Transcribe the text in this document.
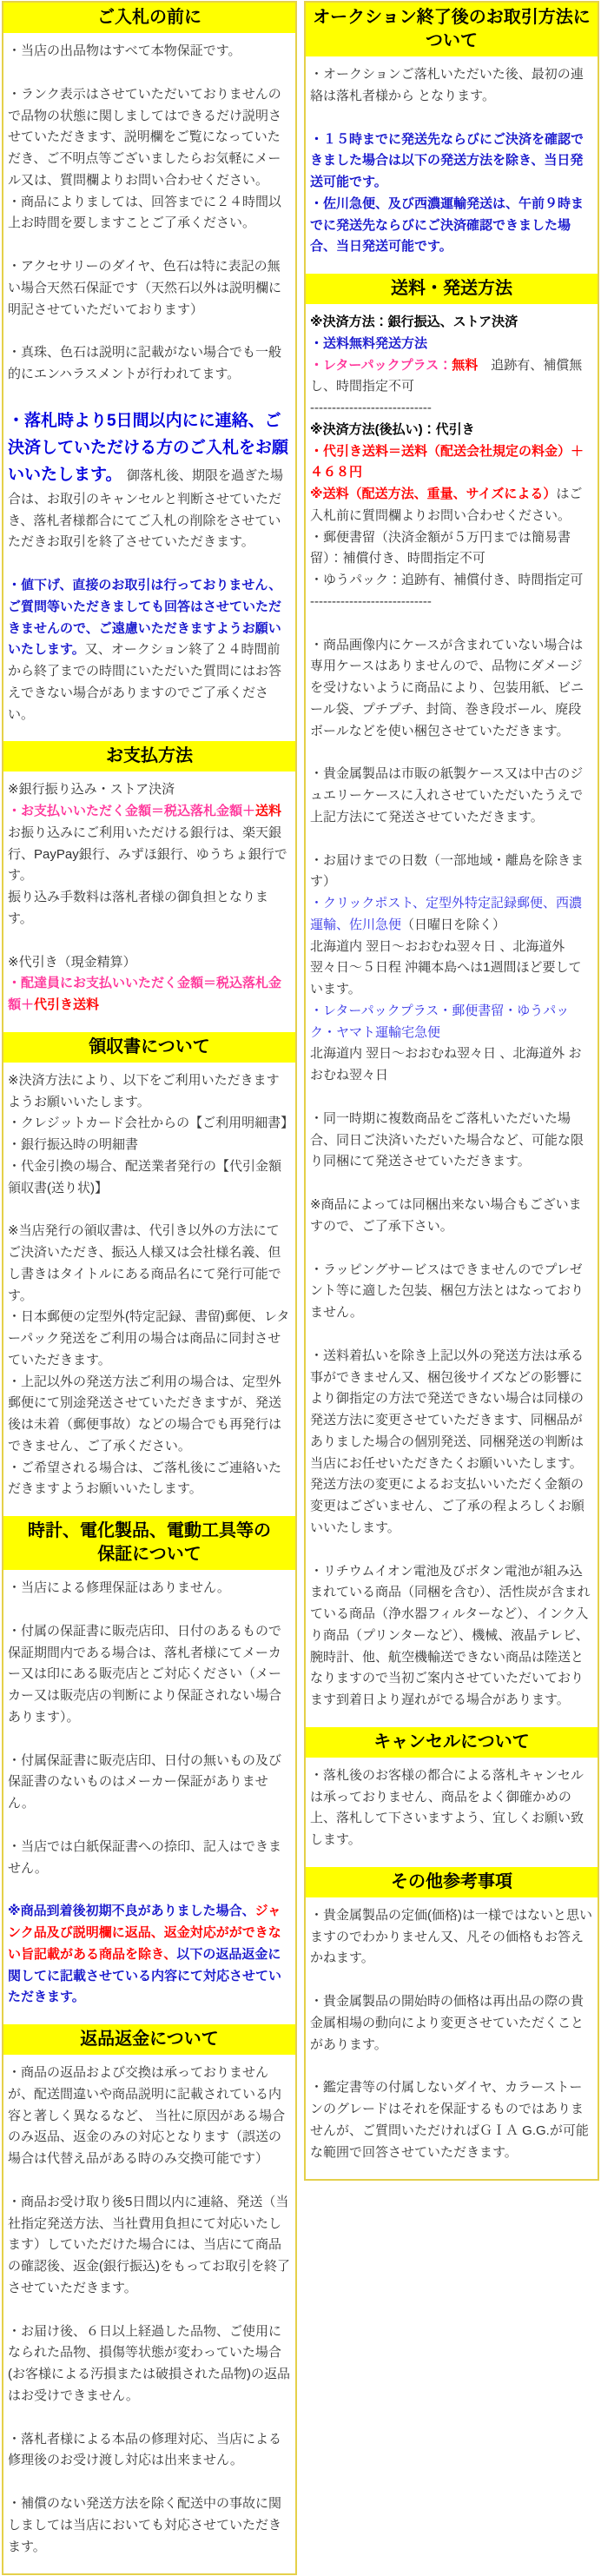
ご入札の前に

・当店の出品物はすべて本物保証です。

・ランク表示はさせていただいておりませんので品物の状態に関しましてはできるだけ説明させていただきます、説明欄をご覧になっていただき、ご不明点等ございましたらお気軽にメール又は、質問欄よりお問い合わせください。

・商品によりましては、回答までに２４時間以上お時間を要しますことご了承ください。

・アクセサリーのダイヤ、色石は特に表記の無い場合天然石保証です（天然石以外は説明欄に明記させていただいております）

・真珠、色石は説明に記載がない場合でも一般的にエンハラスメントが行われてます。

・落札時より5日間以内にに連絡、ご決済していただける方のご入札をお願いいたします。　御落札後、期限を過ぎた場合は、お取引のキャンセルと判断させていただき、落札者様都合にてご入札の削除をさせていただきお取引を終了させていただきます。

・値下げ、直接のお取引は行っておりません、ご質問等いただきましても回答はさせていただきませんので、ご遠慮いただきますようお願いいたします。又、オークション終了２４時間前から終了までの時間にいただいた質問にはお答えできない場合がありますのでご了承ください。

お支払方法

※銀行振り込み・ストア決済

・お支払いいただく金額＝税込落札金額＋送料

お振り込みにご利用いただける銀行は、楽天銀行、PayPay銀行、みずほ銀行、ゆうちょ銀行です。

振り込み手数料は落札者様の御負担となります。

※代引き（現金精算）

・配達員にお支払いいただく金額＝税込落札金額＋代引き送料

領収書について

※決済方法により、以下をご利用いただきますようお願いいたします。

・クレジットカード会社からの【ご利用明細書】

・銀行振込時の明細書

・代金引換の場合、配送業者発行の【代引金額領収書(送り状)】

※当店発行の領収書は、代引き以外の方法にてご決済いただき、振込人様又は会社様名義、但し書きはタイトルにある商品名にて発行可能です。

・日本郵便の定型外(特定記録、書留)郵便、レターパック発送をご利用の場合は商品に同封させていただきます。

・上記以外の発送方法ご利用の場合は、定型外郵便にて別途発送させていただきますが、発送後は未着（郵便事故）などの場合でも再発行はできません、ご了承ください。

・ご希望される場合は、ご落札後にご連絡いただきますようお願いいたします。

時計、電化製品、電動工具等の
保証について

・当店による修理保証はありません。

・付属の保証書に販売店印、日付のあるもので保証期間内である場合は、落札者様にてメーカー又は印にある販売店とご対応ください（メーカー又は販売店の判断により保証されない場合あります）。

・付属保証書に販売店印、日付の無いもの及び保証書のないものはメーカー保証がありません。

・当店では白紙保証書への捺印、記入はできません。

※商品到着後初期不良がありました場合、ジャンク品及び説明欄に返品、返金対応がができない旨記載がある商品を除き、以下の返品返金に関してに記載させている内容にて対応させていただきます。

返品返金について

・商品の返品および交換は承っておりませんが、配送間違いや商品説明に記載されている内容と著しく異なるなど、 当社に原因がある場合のみ返品、返金のみの対応となります（誤送の場合は代替え品がある時のみ交換可能です）

・商品お受け取り後5日間以内に連絡、発送（当社指定発送方法、当社費用負担にて対応いたします）していただけた場合には、当店にて商品の確認後、返金(銀行振込)をもってお取引を終了させていただきます。

・お届け後、６日以上経過した品物、ご使用になられた品物、損傷等状態が変わっていた場合(お客様による汚損または破損された品物)の返品はお受けできません。

・落札者様による本品の修理対応、当店による修理後のお受け渡し対応は出来ません。

・補償のない発送方法を除く配送中の事故に関しましては当店においても対応させていただきます。

オークション終了後のお取引方法について

・オークションご落札いただいた後、最初の連絡は落札者様から となります。

・１５時までに発送先ならびにご決済を確認できました場合は以下の発送方法を除き、当日発送可能です。

・佐川急便、及び西濃運輸発送は、午前９時までに発送先ならびにご決済確認できました場合、当日発送可能です。

送料・発送方法

※決済方法：銀行振込、ストア決済

・送料無料発送方法

・レターパックプラス：無料　追跡有、補償無し、時間指定不可

----------------------------

※決済方法(後払い)：代引き

・代引き送料＝送料（配送会社規定の料金）＋４６８円

※送料（配送方法、重量、サイズによる）はご入札前に質問欄よりお問い合わせください。

・郵便書留（決済金額が５万円までは簡易書留）：補償付き、時間指定不可

・ゆうパック：追跡有、補償付き、時間指定可

----------------------------

・商品画像内にケースが含まれていない場合は専用ケースはありませんので、品物にダメージを受けないように商品により、包装用紙、ビニール袋、プチプチ、封筒、巻き段ボール、廃段ボールなどを使い梱包させていただきます。

・貴金属製品は市販の紙製ケース又は中古のジュエリーケースに入れさせていただいたうえで上記方法にて発送させていただきます。

・お届けまでの日数（一部地域・離島を除きます）

・クリックポスト、定型外特定記録郵便、西濃運輸、佐川急便（日曜日を除く）

北海道内 翌日～おおむね翌々日 、北海道外 翌々日～５日程 沖縄本島へは1週間ほど要しています。

・レターパックプラス・郵便書留・ゆうパック・ヤマト運輸宅急便

北海道内 翌日～おおむね翌々日 、北海道外 おおむね翌々日

・同一時期に複数商品をご落札いただいた場合、同日ご決済いただいた場合など、可能な限り同梱にて発送させていただきます。

※商品によっては同梱出来ない場合もございますので、ご了承下さい。

・ラッピングサービスはできませんのでプレゼント等に適した包装、梱包方法とはなっておりません。

・送料着払いを除き上記以外の発送方法は承る事ができません又、梱包後サイズなどの影響により御指定の方法で発送できない場合は同様の発送方法に変更させていただきます、同梱品がありました場合の個別発送、同梱発送の判断は当店にお任せいただきたくお願いいたします。

発送方法の変更によるお支払いいただく金額の変更はございません、ご了承の程よろしくお願いいたします。

・リチウムイオン電池及びボタン電池が組み込まれている商品（同梱を含む）、活性炭が含まれている商品（浄水器フィルターなど）、インク入り商品（プリンターなど）、機械、液晶テレビ、腕時計、他、航空機輸送できない商品は陸送となりますので当初ご案内させていただいております到着日より遅れがでる場合があります。

キャンセルについて

・落札後のお客様の都合による落札キャンセルは承っておりません、商品をよく御確かめの上、落札して下さいますよう、宜しくお願い致します。

その他参考事項

・貴金属製品の定価(価格)は一様ではないと思いますのでわかりません又、凡その価格もお答えかねます。

・貴金属製品の開始時の価格は再出品の際の貴金属相場の動向により変更させていただくことがあります。

・鑑定書等の付属しないダイヤ、カラーストーンのグレードはそれを保証するものではありませんが、ご質問いただければＧＩＡ G.G.が可能な範囲で回答させていただきます。
